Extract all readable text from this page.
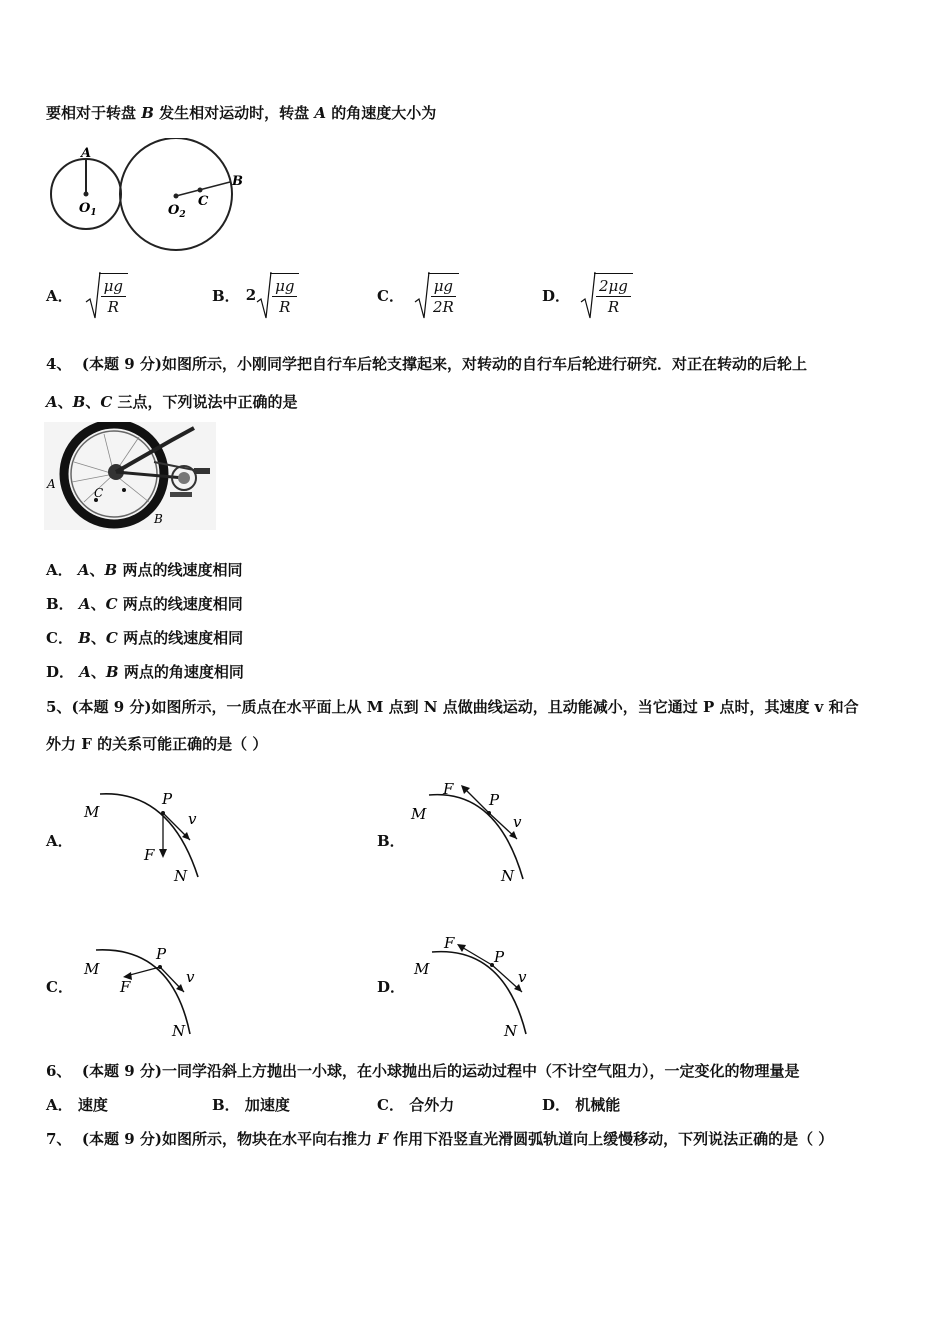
要相对于转盘 B 发生相对运动时，转盘 A 的角速度大小为
A
$O_1$	$O_2$
C
B
A． $\frac{\mu g}{R}$	B． $2 \frac{\mu g}{R}$	C． $\frac{\mu g}{2R}$	D． $\frac{2\mu g}{R}$
4、 (本题 9 分)如图所示，小刚同学把自行车后轮支撑起来，对转动的自行车后轮进行研究．对正在转动的后轮上
A、B、C 三点，下列说法中正确的是
A
C
B
A． A、B 两点的线速度相同
B． A、C 两点的线速度相同
C． B、C 两点的线速度相同
D． A、B 两点的角速度相同
5、(本题 9 分)如图所示，一质点在水平面上从 M 点到 N 点做曲线运动，且动能减小，当它通过 P 点时，其速度 v 和合
外力 F 的关系可能正确的是（ ）
A．
M
P
v
F
N
B．
M
F
P
v
N
C．
M
P
F
v
N
D．
F
P
M	v
N
6、 (本题 9 分)一同学沿斜上方抛出一小球，在小球抛出后的运动过程中（不计空气阻力），一定变化的物理量是
A． 速度	B． 加速度	C． 合外力	D． 机械能
7、 (本题 9 分)如图所示，物块在水平向右推力 F 作用下沿竖直光滑圆弧轨道向上缓慢移动，下列说法正确的是（ ）
